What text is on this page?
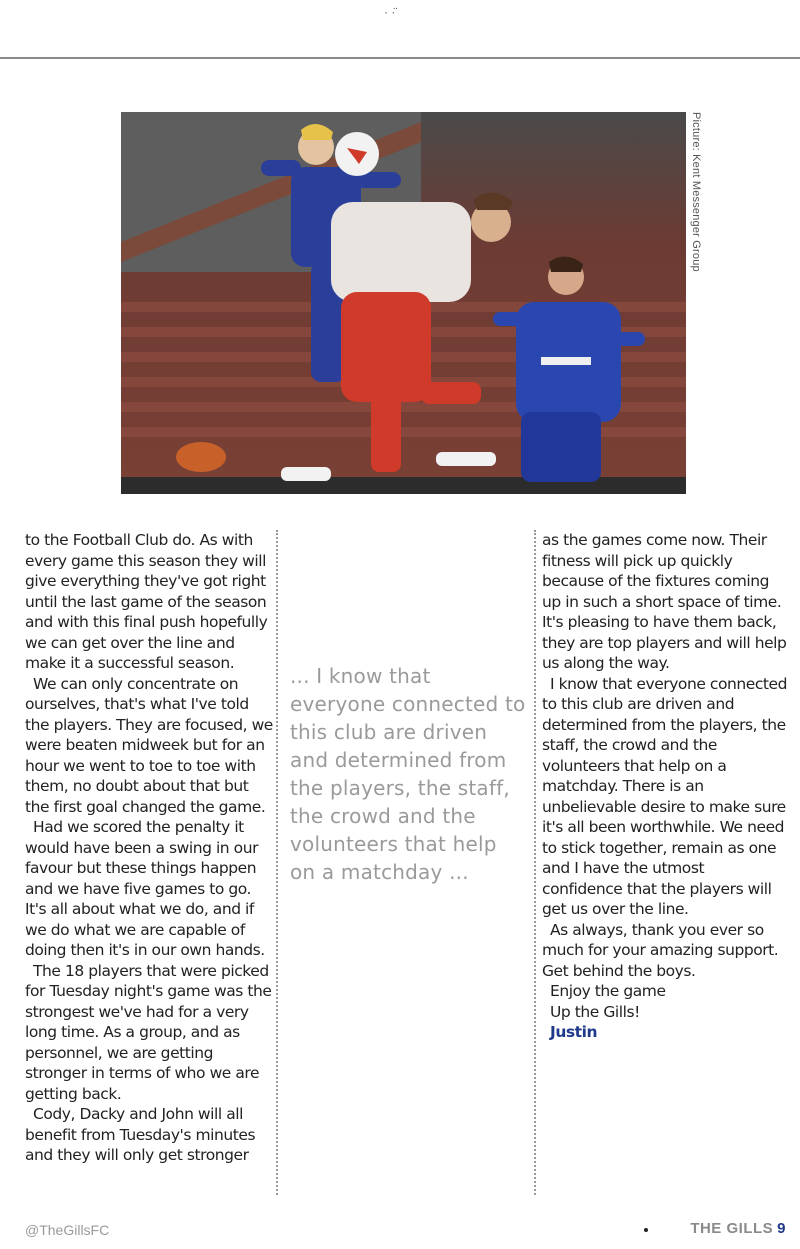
· ·̈
Picture: Kent Messenger Group

to the Football Club do. As with every game this season they will give everything they've got right until the last game of the season and with this final push hopefully we can get over the line and make it a successful season.

We can only concentrate on ourselves, that's what I've told the players. They are focused, we were beaten midweek but for an hour we went to toe to toe with them, no doubt about that but the first goal changed the game.

Had we scored the penalty it would have been a swing in our favour but these things happen and we have five games to go. It's all about what we do, and if we do what we are capable of doing then it's in our own hands.

The 18 players that were picked for Tuesday night's game was the strongest we've had for a very long time. As a group, and as personnel, we are getting stronger in terms of who we are getting back.

Cody, Dacky and John will all benefit from Tuesday's minutes and they will only get stronger

... I know that everyone connected to this club are driven and determined from the players, the staff, the crowd and the volunteers that help on a matchday ...

as the games come now. Their fitness will pick up quickly because of the fixtures coming up in such a short space of time. It's pleasing to have them back, they are top players and will help us along the way.

I know that everyone connected to this club are driven and determined from the players, the staff, the crowd and the volunteers that help on a matchday. There is an unbelievable desire to make sure it's all been worthwhile. We need to stick together, remain as one and I have the utmost confidence that the players will get us over the line.

As always, thank you ever so much for your amazing support. Get behind the boys.

Enjoy the game

Up the Gills!

Justin

@TheGillsFC	THE GILLS 9
